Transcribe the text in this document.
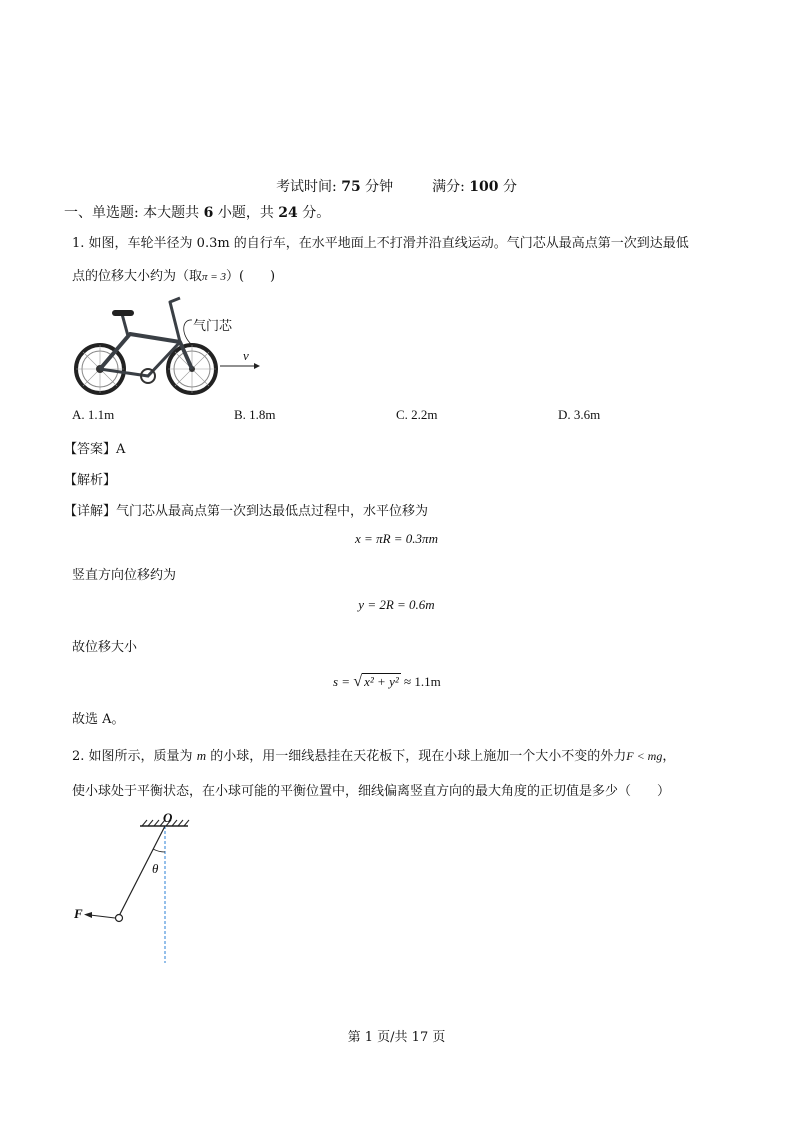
考试时间: 75 分钟	满分: 100 分
一、单选题: 本大题共 6 小题，共 24 分。
1. 如图，车轮半径为 0.3m 的自行车，在水平地面上不打滑并沿直线运动。气门芯从最高点第一次到达最低
点的位移大小约为（取π = 3）(　　)
气门芯
v
A. 1.1m	B. 1.8m	C. 2.2m	D. 3.6m
【答案】A
【解析】
【详解】气门芯从最高点第一次到达最低点过程中，水平位移为
x = πR = 0.3πm
竖直方向位移约为
y = 2R = 0.6m
故位移大小
s = √ x² + y² ≈ 1.1m
故选 A。
2. 如图所示，质量为 m 的小球，用一细线悬挂在天花板下，现在小球上施加一个大小不变的外力F < mg，
使小球处于平衡状态，在小球可能的平衡位置中，细线偏离竖直方向的最大角度的正切值是多少（　　）
O
θ
F
第 1 页/共 17 页
